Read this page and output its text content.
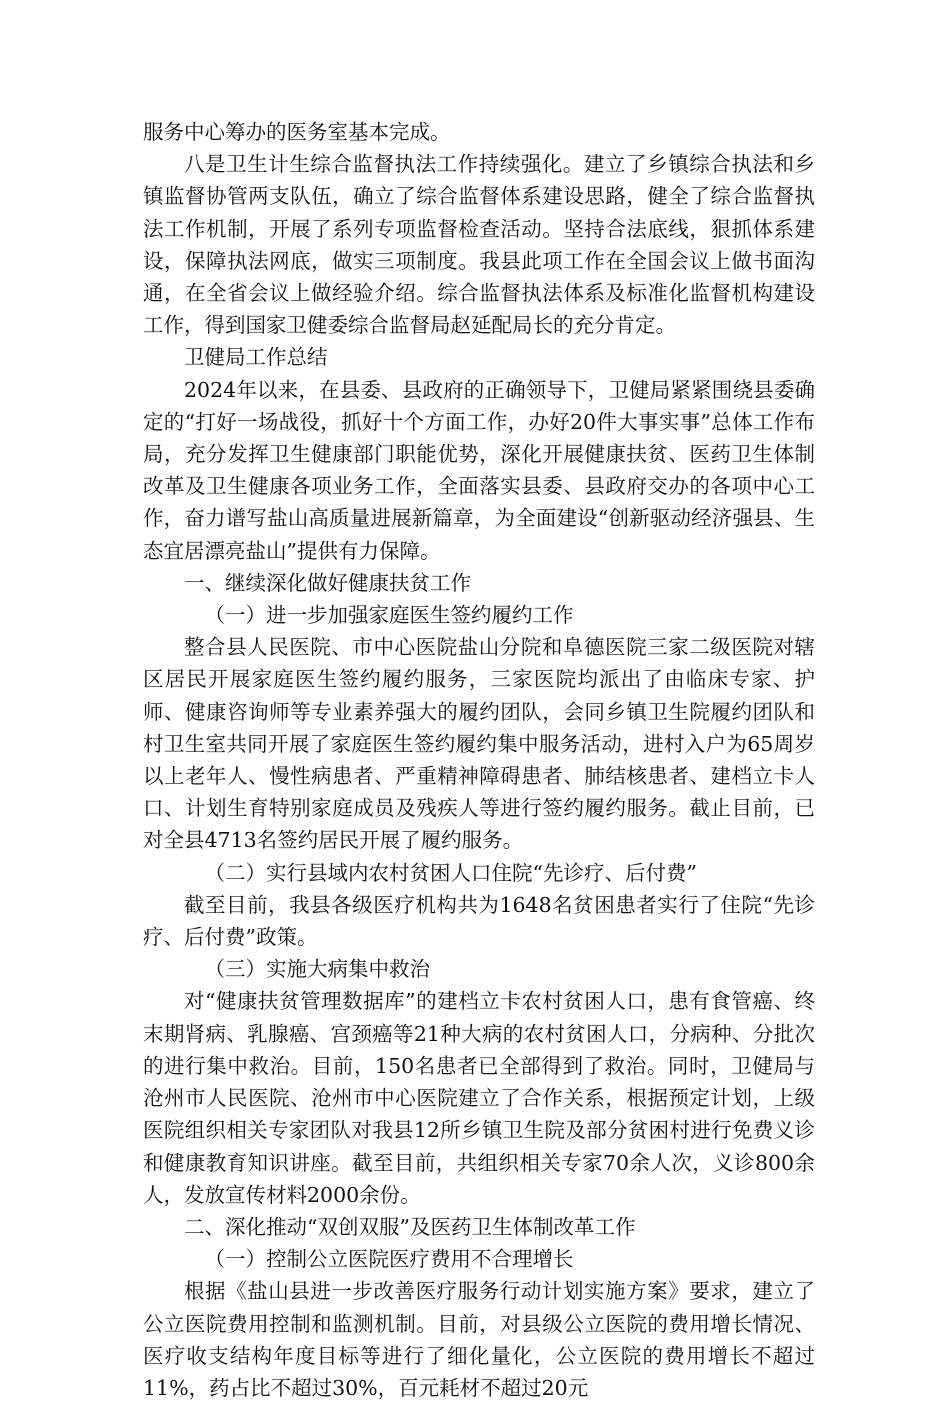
服务中心筹办的医务室基本完成。

八是卫生计生综合监督执法工作持续强化。建立了乡镇综合执法和乡镇监督协管两支队伍，确立了综合监督体系建设思路，健全了综合监督执法工作机制，开展了系列专项监督检查活动。坚持合法底线，狠抓体系建设，保障执法网底，做实三项制度。我县此项工作在全国会议上做书面沟通，在全省会议上做经验介绍。综合监督执法体系及标准化监督机构建设工作，得到国家卫健委综合监督局赵延配局长的充分肯定。

卫健局工作总结

2024年以来，在县委、县政府的正确领导下，卫健局紧紧围绕县委确定的“打好一场战役，抓好十个方面工作，办好20件大事实事”总体工作布局，充分发挥卫生健康部门职能优势，深化开展健康扶贫、医药卫生体制改革及卫生健康各项业务工作，全面落实县委、县政府交办的各项中心工作，奋力谱写盐山高质量进展新篇章，为全面建设“创新驱动经济强县、生态宜居漂亮盐山”提供有力保障。

一、继续深化做好健康扶贫工作

（一）进一步加强家庭医生签约履约工作

整合县人民医院、市中心医院盐山分院和阜德医院三家二级医院对辖区居民开展家庭医生签约履约服务，三家医院均派出了由临床专家、护师、健康咨询师等专业素养强大的履约团队，会同乡镇卫生院履约团队和村卫生室共同开展了家庭医生签约履约集中服务活动，进村入户为65周岁以上老年人、慢性病患者、严重精神障碍患者、肺结核患者、建档立卡人口、计划生育特别家庭成员及残疾人等进行签约履约服务。截止目前，已对全县4713名签约居民开展了履约服务。

（二）实行县域内农村贫困人口住院“先诊疗、后付费”

截至目前，我县各级医疗机构共为1648名贫困患者实行了住院“先诊疗、后付费”政策。

（三）实施大病集中救治

对“健康扶贫管理数据库”的建档立卡农村贫困人口，患有食管癌、终末期肾病、乳腺癌、宫颈癌等21种大病的农村贫困人口，分病种、分批次的进行集中救治。目前，150名患者已全部得到了救治。同时，卫健局与沧州市人民医院、沧州市中心医院建立了合作关系，根据预定计划，上级医院组织相关专家团队对我县12所乡镇卫生院及部分贫困村进行免费义诊和健康教育知识讲座。截至目前，共组织相关专家70余人次，义诊800余人，发放宣传材料2000余份。

二、深化推动“双创双服”及医药卫生体制改革工作

（一）控制公立医院医疗费用不合理增长

根据《盐山县进一步改善医疗服务行动计划实施方案》要求，建立了公立医院费用控制和监测机制。目前，对县级公立医院的费用增长情况、医疗收支结构年度目标等进行了细化量化，公立医院的费用增长不超过11%，药占比不超过30%，百元耗材不超过20元
